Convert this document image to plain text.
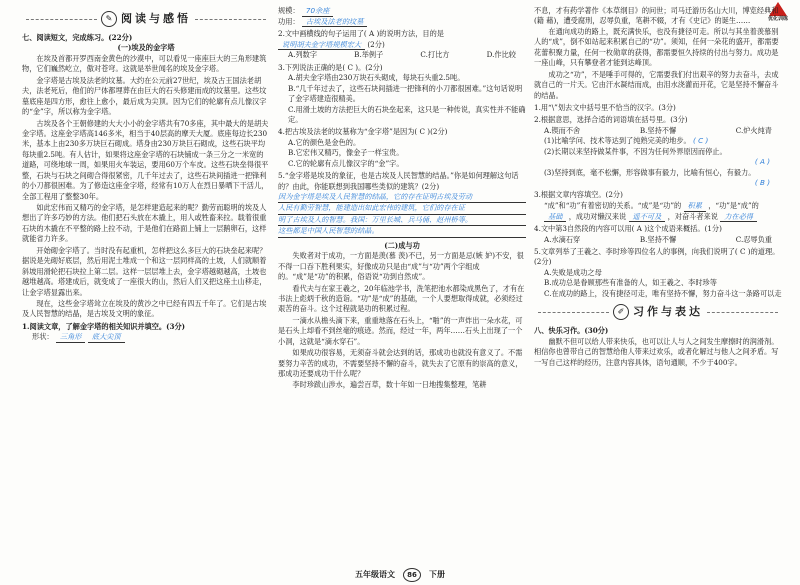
优化训练
✎ 阅读与感悟
七、阅读短文，完成练习。(22分)
(一)埃及的金字塔

在埃及首都开罗西南金黄色的沙漠中，可以看见一座座巨大的三角形建筑物，它们巍然屹立，傲对苍穹。这就是举世闻名的埃及金字塔。

金字塔是古埃及法老的坟墓。大约在公元前27世纪，埃及古王国法老胡夫，法老死后，他们的尸体都埋葬在由巨大的石头修建而成的坟墓里。这些坟墓底座是四方形，愈往上愈小，最后成为尖顶。因为它们的轮廓有点儿像汉字的“金”字，所以称为金字塔。

古埃及各个王朝修建的大大小小的金字塔共有70多座，其中最大的是胡夫金字塔。这座金字塔高146多米，相当于40层高的摩天大厦。底座每边长230米，基本上由230多万块巨石砌成。塔身由230万块巨石砌成，这些石块平均每块重2.5吨。有人估计，如果将这座金字塔的石块铺成一条三分之一米宽的道路，可绕地球一周，如果用火车装运，要用60万个车皮。这些石块垒得很平整，石块与石块之间砌合得很紧密，几千年过去了，这些石块间插进一把锋利的小刀都很困难。为了修造这座金字塔，经常有10万人在烈日暴晒下干活儿，全部工程用了整整30年。

如此宏伟而又精巧的金字塔，是怎样建造起来的呢？勤劳而聪明的埃及人想出了许多巧妙的方法。他们把石头放在木撬上，用人或牲畜来拉。载着很重石块的木撬在不平整的路上拉不动，于是他们在路面上铺上一层鹅卵石，这样就能省力许多。

开始砌金字塔了。当时没有起重机，怎样把这么多巨大的石块垒起来呢？据说是先砌好底层，然后用泥土堆成一个和这一层同样高的土坡，人们就顺着斜坡用滑轮把石块拉上第二层。这样一层层堆上去，金字塔越砌越高，土坡也越堆越高。塔建成后，就变成了一座很大的山，然后人们又把这座土山移走，让金字塔显露出来。

现在，这些金字塔耸立在埃及的黄沙之中已经有四五千年了。它们是古埃及人民智慧的结晶，是古埃及文明的象征。

1.阅读文章，了解金字塔的相关知识并填空。(3分)
形状： 三角形 底大尖顶
规模： 70余座
功用： 古埃及法老的坟墓
2.文中画横线的句子运用了( A )的说明方法，目的是 说明胡夫金字塔规模宏大 (2分)
A.列数字	B.举例子	C.打比方	D.作比较
3.下列说法正确的是( C )。(2分)
A.胡夫金字塔由230万块石头砌成，每块石头重2.5吨。
B.“几千年过去了，这些石块间插进一把锋利的小刀都很困难。”这句话说明了金字塔建造很精美。
C.用滑土坡的方法把巨大的石块垒起来，这只是一种传说，真实性并不能确定。
4.把古埃及法老的坟墓称为“金字塔”是因为( C )(2分)
A.它的颜色是金色的。
B.它宏伟又精巧，像金子一样宝贵。
C.它的轮廓有点儿像汉字的“金”字。
5.“金字塔是埃及的象征，也是古埃及人民智慧的结晶。”你是如何理解这句话的？由此，你能联想到我国哪些类似的建筑？(2分)
因为金字塔是埃及人民智慧的结晶，它的存在证明古埃及劳动
人民有勤劳智慧，能建造出如此宏伟的建筑，它们的存在证
明了古埃及人的智慧。我国：万里长城、兵马俑、赵州桥等。
这些都是中国人民智慧的结晶。
(二)成与功

失败者对于成功，一方面是羡(慕 羡)不已，另一方面是忌(嫉 妒)不安，很不得一口吞下胜利果实，好像成功只是由“成”与“功”两个字组成的。“成”是“功”的积累，俗语说“功到自然成”。

看代夫与在家王羲之，20年临池学书，洗笔把池水都染成黑色了，才有在书法上彪炳千秋的造诣。“功”是“成”的基础，一个人要想取得成就，必须经过艰苦的奋斗。这个过程就是功的积累过程。

一滴水从檐头滴下来，重重地落在石头上，“啪”的一声炸出一朵水花，可是石头上却看不到丝毫的痕迹。然而，经过一年，两年……石头上出现了一个小洞，这就是“滴水穿石”。

如果成功很容易，无须奋斗就会达到的话，那成功也就没有意义了。不需要努力辛苦的成功，不需要坚持不懈的奋斗，就失去了它原有的崇高的意义，那成功还要成功干什么呢？

李时珍跋山涉水，遍尝百草，数十年如一日地搜集整理，笔耕

不息，才有药学著作《本草纲目》的问世；司马迁游历名山大川，博览经典和(籍 藉)，遭受腐刑，忍辱负重，笔耕不辍，才有《史记》的诞生……

在通向成功的路上，既充满快乐，也没有捷径可走。所以与其坐着羡慕别人的“成”，倒不如站起来积累自己的“功”。须知，任何一朵花的盛开，都需要花蕾积聚力量，任何一枚勋章的获得，都需要恒久持续的付出与努力。成功是一座山峰，只有攀登者才能到达峰顶。

成功之“功”，不是唾手可得的，它需要我们付出艰辛的努力去奋斗，去成就自己的一片天。它由汗水凝结而成，由泪水浇灌而开花，它是坚持不懈奋斗的结晶。

1.用“\”划去文中括号里不恰当的汉字。(3分)
2.根据意思，选择合适的词语填在括号里。(3分)
A.锲而不舍	B.坚持不懈	C.炉火纯青
(1)比喻学问、技术等达到了纯熟完美的地步。 ( C )
(2)长期以来坚持做某件事，不因为任何外界原因而停止。
( A )
(3)坚持到底，毫不松懈，形容做事有毅力，比喻有恒心，有毅力。
( B )
3.根据文章内容填空。(2分)
“成”和“功”有着密切的关系。“成”是“功”的 积累 ，“功”是“成”的 基础 ，成功对懒汉来说 遥不可及 ，对奋斗者来说 力在必得
4.文中第3自然段的内容可以用( A )这个成语来概括。(1分)
A.水滴石穿	B.坚持不懈	C.忍辱负重
5.文章列举了王羲之、李时珍等四位名人的事例，向我们说明了( C )的道理。(2分)
A.失败是成功之母
B.成功总是眷顾那些有准备的人，如王羲之、李时珍等
C.在成功的路上，没有捷径可走，唯有坚持不懈，努力奋斗这一条路可以走
✐ 习作与表达
八、快乐习作。(30分)

幽默不但可以给人带来快乐，也可以让人与人之间发生摩擦时的润滑剂。相信你也曾带自己的智慧给他人带来过欢乐，或者化解过与他人之间矛盾。写一写自己这样的经历，注意内容具体，语句通顺，不少于400字。

五年级语文	86	下册
